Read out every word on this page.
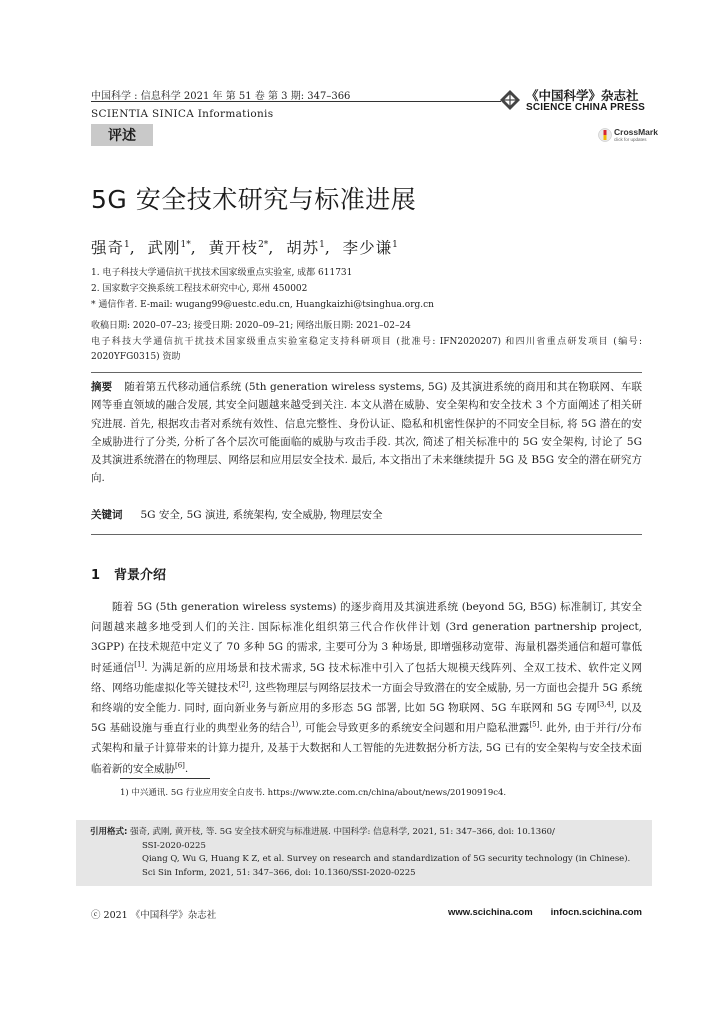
中国科学 : 信息科学 2021 年 第 51 卷 第 3 期: 347–366
SCIENTIA SINICA Informationis
《中国科学》杂志社
SCIENCE CHINA PRESS
评述	CrossMark
click for updates
5G 安全技术研究与标准进展
强奇$^1$,  武刚$^{1*}$,  黄开枝$^{2*}$,  胡苏$^1$,  李少谦$^1$
1. 电子科技大学通信抗干扰技术国家级重点实验室, 成都 611731
2. 国家数字交换系统工程技术研究中心, 郑州 450002
* 通信作者. E-mail: wugang99@uestc.edu.cn, Huangkaizhi@tsinghua.org.cn
收稿日期: 2020–07–23; 接受日期: 2020–09–21; 网络出版日期: 2021–02–24
电子科技大学通信抗干扰技术国家级重点实验室稳定支持科研项目 (批准号: IFN2020207) 和四川省重点研发项目 (编号: 2020YFG0315) 资助
摘要 随着第五代移动通信系统 (5th generation wireless systems, 5G) 及其演进系统的商用和其在物联网、车联网等垂直领域的融合发展, 其安全问题越来越受到关注. 本文从潜在威胁、安全架构和安全技术 3 个方面阐述了相关研究进展. 首先, 根据攻击者对系统有效性、信息完整性、身份认证、隐私和机密性保护的不同安全目标, 将 5G 潜在的安全威胁进行了分类, 分析了各个层次可能面临的威胁与攻击手段. 其次, 简述了相关标准中的 5G 安全架构, 讨论了 5G 及其演进系统潜在的物理层、网络层和应用层安全技术. 最后, 本文指出了未来继续提升 5G 及 B5G 安全的潜在研究方向.
关键词 5G 安全, 5G 演进, 系统架构, 安全威胁, 物理层安全
1 背景介绍
随着 5G (5th generation wireless systems) 的逐步商用及其演进系统 (beyond 5G, B5G) 标准制订, 其安全问题越来越多地受到人们的关注. 国际标准化组织第三代合作伙伴计划 (3rd generation partnership project, 3GPP) 在技术规范中定义了 70 多种 5G 的需求, 主要可分为 3 种场景, 即增强移动宽带、海量机器类通信和超可靠低时延通信[1]. 为满足新的应用场景和技术需求, 5G 技术标准中引入了包括大规模天线阵列、全双工技术、软件定义网络、网络功能虚拟化等关键技术[2], 这些物理层与网络层技术一方面会导致潜在的安全威胁, 另一方面也会提升 5G 系统和终端的安全能力. 同时, 面向新业务与新应用的多形态 5G 部署, 比如 5G 物联网、5G 车联网和 5G 专网[3,4], 以及 5G 基础设施与垂直行业的典型业务的结合$^{1)}$, 可能会导致更多的系统安全问题和用户隐私泄露[5]. 此外, 由于并行/分布式架构和量子计算带来的计算力提升, 及基于大数据和人工智能的先进数据分析方法, 5G 已有的安全架构与安全技术面临着新的安全威胁[6].
1) 中兴通讯. 5G 行业应用安全白皮书. https://www.zte.com.cn/china/about/news/20190919c4.
引用格式: 强奇, 武刚, 黄开枝, 等. 5G 安全技术研究与标准进展. 中国科学: 信息科学, 2021, 51: 347–366, doi: 10.1360/
SSI-2020-0225
Qiang Q, Wu G, Huang K Z, et al. Survey on research and standardization of 5G security technology (in Chinese).
Sci Sin Inform, 2021, 51: 347–366, doi: 10.1360/SSI-2020-0225
ⓒ 2021 《中国科学》杂志社	www.scichina.com infocn.scichina.com
